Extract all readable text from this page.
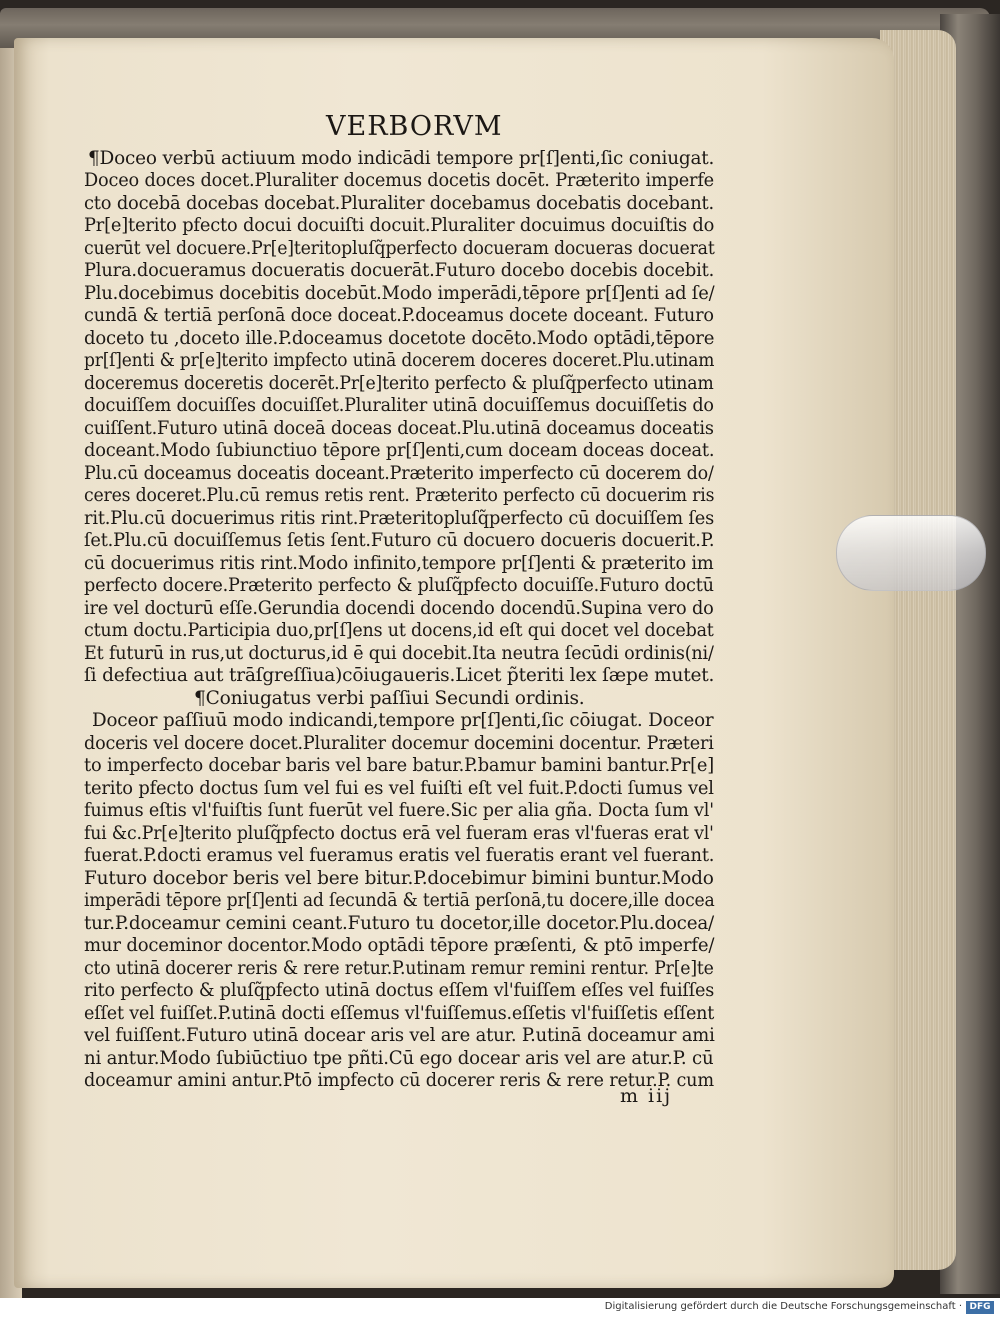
VERBORVM
¶Doceo verbū actiuum modo indicādi tempore pr[ſ]enti,ſic coniugat.
Doceo doces docet.Pluraliter docemus docetis docēt. Præterito imperfe
cto docebā docebas docebat.Pluraliter docebamus docebatis docebant.
Pr[e]terito pfecto docui docuiſti docuit.Pluraliter docuimus docuiſtis do
cuerūt vel docuere.Pr[e]teritopluſq̃perfecto docueram docueras docuerat
Plura.docueramus docueratis docuerāt.Futuro docebo docebis docebit.
Plu.docebimus docebitis docebūt.Modo imperādi,tēpore pr[ſ]enti ad ſe/
cundā & tertiā perſonā doce doceat.P.doceamus docete doceant. Futuro
doceto tu ,doceto ille.P.doceamus docetote docēto.Modo optādi,tēpore
pr[ſ]enti & pr[e]terito impfecto utinā docerem doceres doceret.Plu.utinam
doceremus doceretis docerēt.Pr[e]terito perfecto & pluſq̃perfecto utinam
docuiſſem docuiſſes docuiſſet.Pluraliter utinā docuiſſemus docuiſſetis do
cuiſſent.Futuro utinā doceā doceas doceat.Plu.utinā doceamus doceatis
doceant.Modo ſubiunctiuo tēpore pr[ſ]enti,cum doceam doceas doceat.
Plu.cū doceamus doceatis doceant.Præterito imperfecto cū docerem do/
ceres doceret.Plu.cū remus retis rent. Præterito perfecto cū docuerim ris
rit.Plu.cū docuerimus ritis rint.Præteritopluſq̃perfecto cū docuiſſem ſes
ſet.Plu.cū docuiſſemus ſetis ſent.Futuro cū docuero docueris docuerit.P.
cū docuerimus ritis rint.Modo infinito,tempore pr[ſ]enti & præterito im
perfecto docere.Præterito perfecto & pluſq̃pfecto docuiſſe.Futuro doctū
ire vel docturū eſſe.Gerundia docendi docendo docendū.Supina vero do
ctum doctu.Participia duo,pr[ſ]ens ut docens,id eſt qui docet vel docebat
Et futurū in rus,ut docturus,id ē qui docebit.Ita neutra ſecūdi ordinis(ni/
ſi defectiua aut trāſgreſſiua)cōiugaueris.Licet p̃teriti lex ſæpe mutet.
¶Coniugatus verbi paſſiui Secundi ordinis.
Doceor paſſiuū modo indicandi,tempore pr[ſ]enti,ſic cōiugat. Doceor
doceris vel docere docet.Pluraliter docemur docemini docentur. Præteri
to imperfecto docebar baris vel bare batur.P.bamur bamini bantur.Pr[e]
terito pfecto doctus ſum vel fui es vel fuiſti eſt vel fuit.P.docti ſumus vel
fuimus eſtis vl'fuiſtis ſunt fuerūt vel fuere.Sic per alia gña. Docta ſum vl'
fui &c.Pr[e]terito pluſq̃pfecto doctus erā vel fueram eras vl'fueras erat vl'
fuerat.P.docti eramus vel fueramus eratis vel fueratis erant vel fuerant.
Futuro docebor beris vel bere bitur.P.docebimur bimini buntur.Modo
imperādi tēpore pr[ſ]enti ad ſecundā & tertiā perſonā,tu docere,ille docea
tur.P.doceamur cemini ceant.Futuro tu docetor,ille docetor.Plu.docea/
mur doceminor docentor.Modo optādi tēpore præſenti, & ptō imperfe/
cto utinā docerer reris & rere retur.P.utinam remur remini rentur. Pr[e]te
rito perfecto & pluſq̃pfecto utinā doctus eſſem vl'fuiſſem eſſes vel fuiſſes
eſſet vel fuiſſet.P.utinā docti eſſemus vl'fuiſſemus.eſſetis vl'fuiſſetis eſſent
vel fuiſſent.Futuro utinā docear aris vel are atur. P.utinā doceamur ami
ni antur.Modo ſubiūctiuo tpe pñti.Cū ego docear aris vel are atur.P. cū
doceamur amini antur.Ptō impfecto cū docerer reris & rere retur.P. cum
m iij
Digitalisierung gefördert durch die Deutsche Forschungsgemeinschaft · DFG
